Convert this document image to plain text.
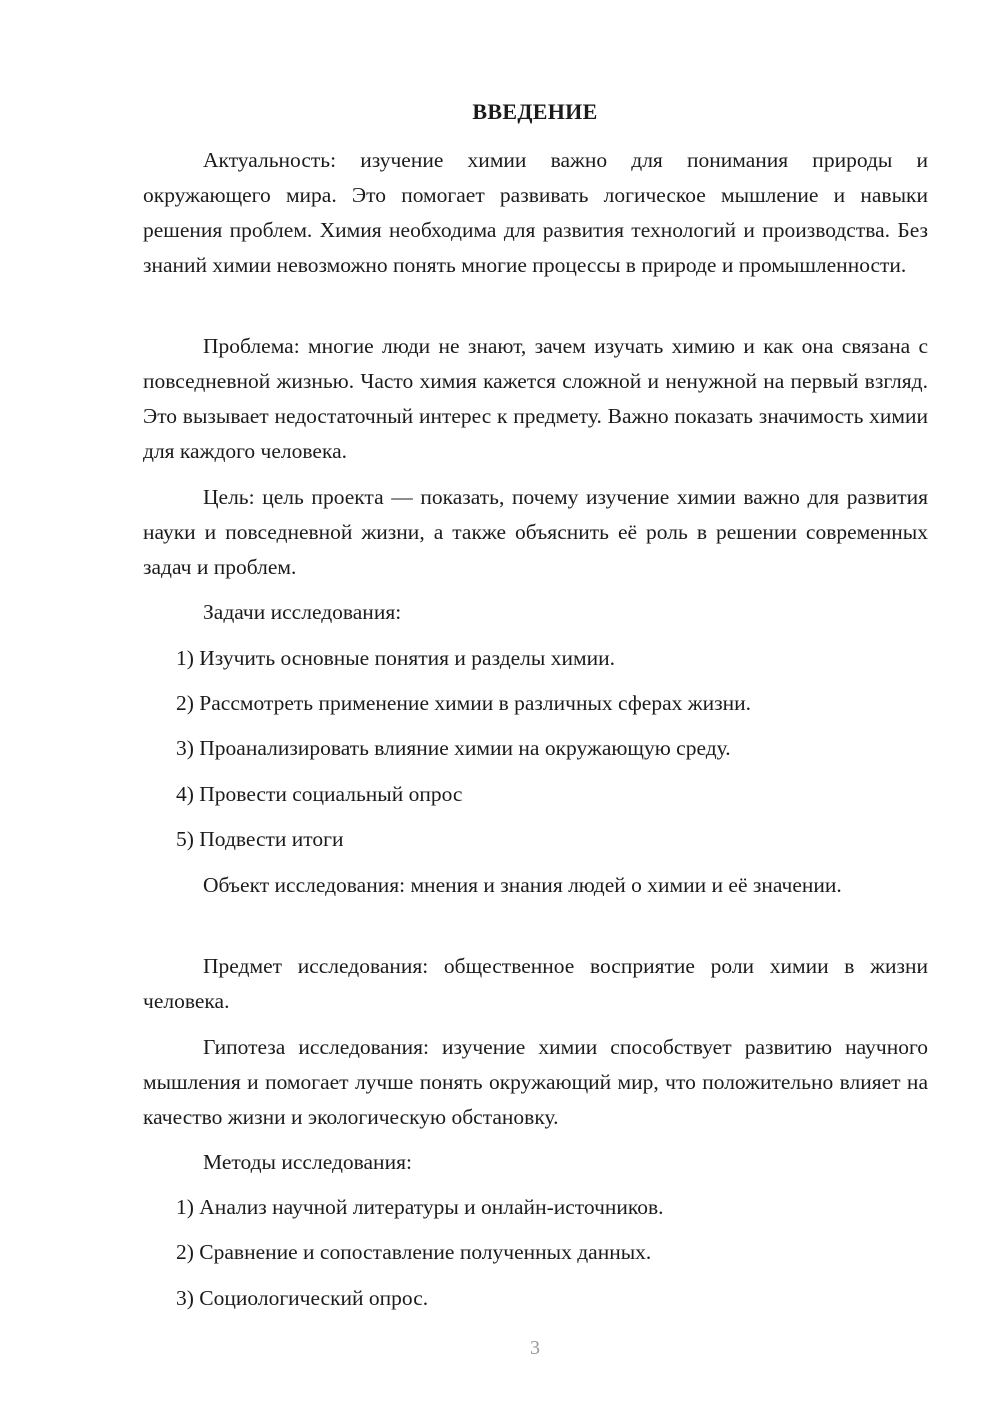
ВВЕДЕНИЕ

Актуальность: изучение химии важно для понимания природы и окружающего мира. Это помогает развивать логическое мышление и навыки решения проблем. Химия необходима для развития технологий и производства. Без знаний химии невозможно понять многие процессы в природе и промышленности.

Проблема: многие люди не знают, зачем изучать химию и как она связана с повседневной жизнью. Часто химия кажется сложной и ненужной на первый взгляд. Это вызывает недостаточный интерес к предмету. Важно показать значимость химии для каждого человека.

Цель: цель проекта — показать, почему изучение химии важно для развития науки и повседневной жизни, а также объяснить её роль в решении современных задач и проблем.

Задачи исследования:

1) Изучить основные понятия и разделы химии.

2) Рассмотреть применение химии в различных сферах жизни.

3) Проанализировать влияние химии на окружающую среду.

4) Провести социальный опрос

5) Подвести итоги

Объект исследования: мнения и знания людей о химии и её значении.

Предмет исследования: общественное восприятие роли химии в жизни человека.

Гипотеза исследования: изучение химии способствует развитию научного мышления и помогает лучше понять окружающий мир, что положительно влияет на качество жизни и экологическую обстановку.

Методы исследования:

1) Анализ научной литературы и онлайн-источников.

2) Сравнение и сопоставление полученных данных.

3) Социологический опрос.

3
